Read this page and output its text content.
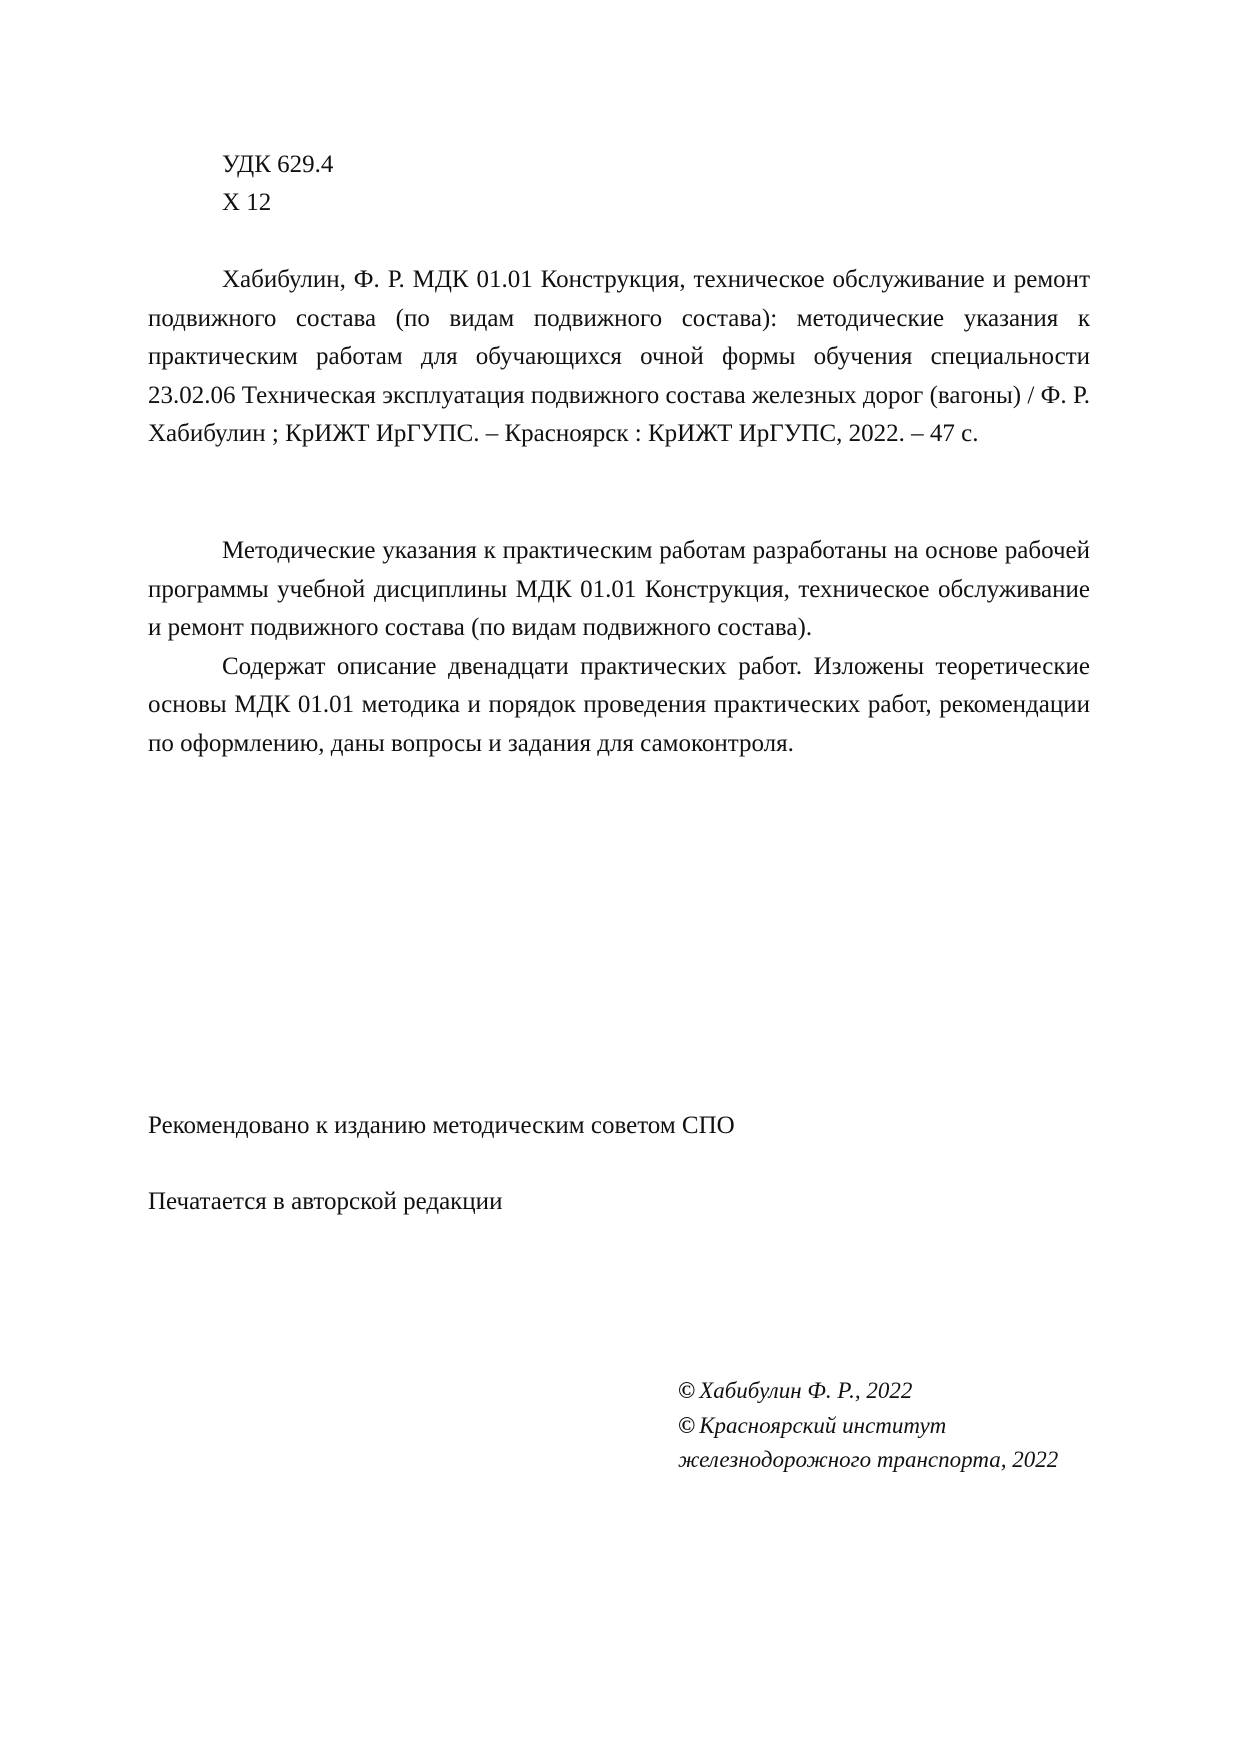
УДК 629.4
Х 12

Хабибулин, Ф. Р. МДК 01.01 Конструкция, техническое обслуживание и ремонт подвижного состава (по видам подвижного состава): методические указания к практическим работам для обучающихся очной формы обучения специальности 23.02.06 Техническая эксплуатация подвижного состава железных дорог (вагоны) / Ф. Р. Хабибулин ; КрИЖТ ИрГУПС. – Красноярск : КрИЖТ ИрГУПС, 2022. – 47 с.

Методические указания к практическим работам разработаны на основе рабочей программы учебной дисциплины МДК 01.01 Конструкция, техническое обслуживание и ремонт подвижного состава (по видам подвижного состава).

Содержат описание двенадцати практических работ. Изложены теоретические основы МДК 01.01 методика и порядок проведения практических работ, рекомендации по оформлению, даны вопросы и задания для самоконтроля.

Рекомендовано к изданию методическим советом СПО
Печатается в авторской редакции
© Хабибулин Ф. Р., 2022
© Красноярский институт
железнодорожного транспорта, 2022
